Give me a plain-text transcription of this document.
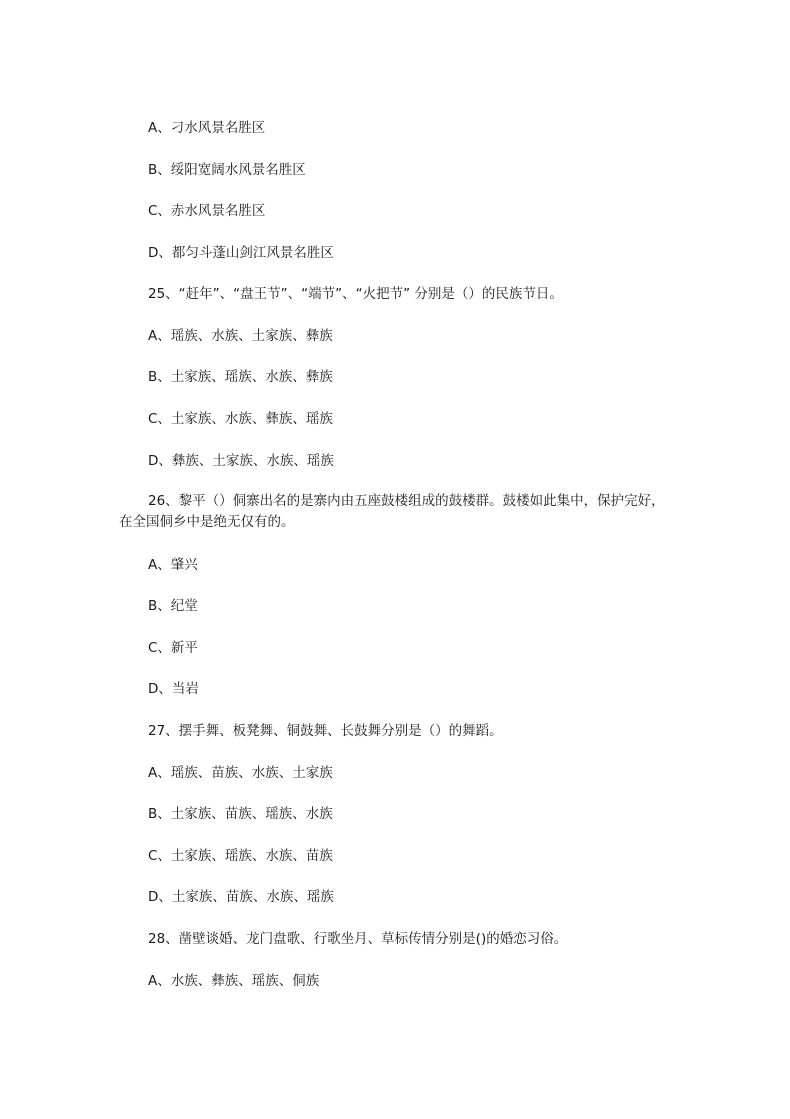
A、刁水风景名胜区
B、绥阳宽阔水风景名胜区
C、赤水风景名胜区
D、都匀斗蓬山剑江风景名胜区
25、“赶年”、“盘王节”、“端节”、“火把节” 分别是（）的民族节日。
A、瑶族、水族、土家族、彝族
B、土家族、瑶族、水族、彝族
C、土家族、水族、彝族、瑶族
D、彝族、土家族、水族、瑶族
26、黎平（）侗寨出名的是寨内由五座鼓楼组成的鼓楼群。鼓楼如此集中，保护完好，
在全国侗乡中是绝无仅有的。
A、肇兴
B、纪堂
C、新平
D、当岩
27、摆手舞、板凳舞、铜鼓舞、长鼓舞分别是（）的舞蹈。
A、瑶族、苗族、水族、土家族
B、土家族、苗族、瑶族、水族
C、土家族、瑶族、水族、苗族
D、土家族、苗族、水族、瑶族
28、凿壁谈婚、龙门盘歌、行歌坐月、草标传情分别是()的婚恋习俗。
A、水族、彝族、瑶族、侗族
